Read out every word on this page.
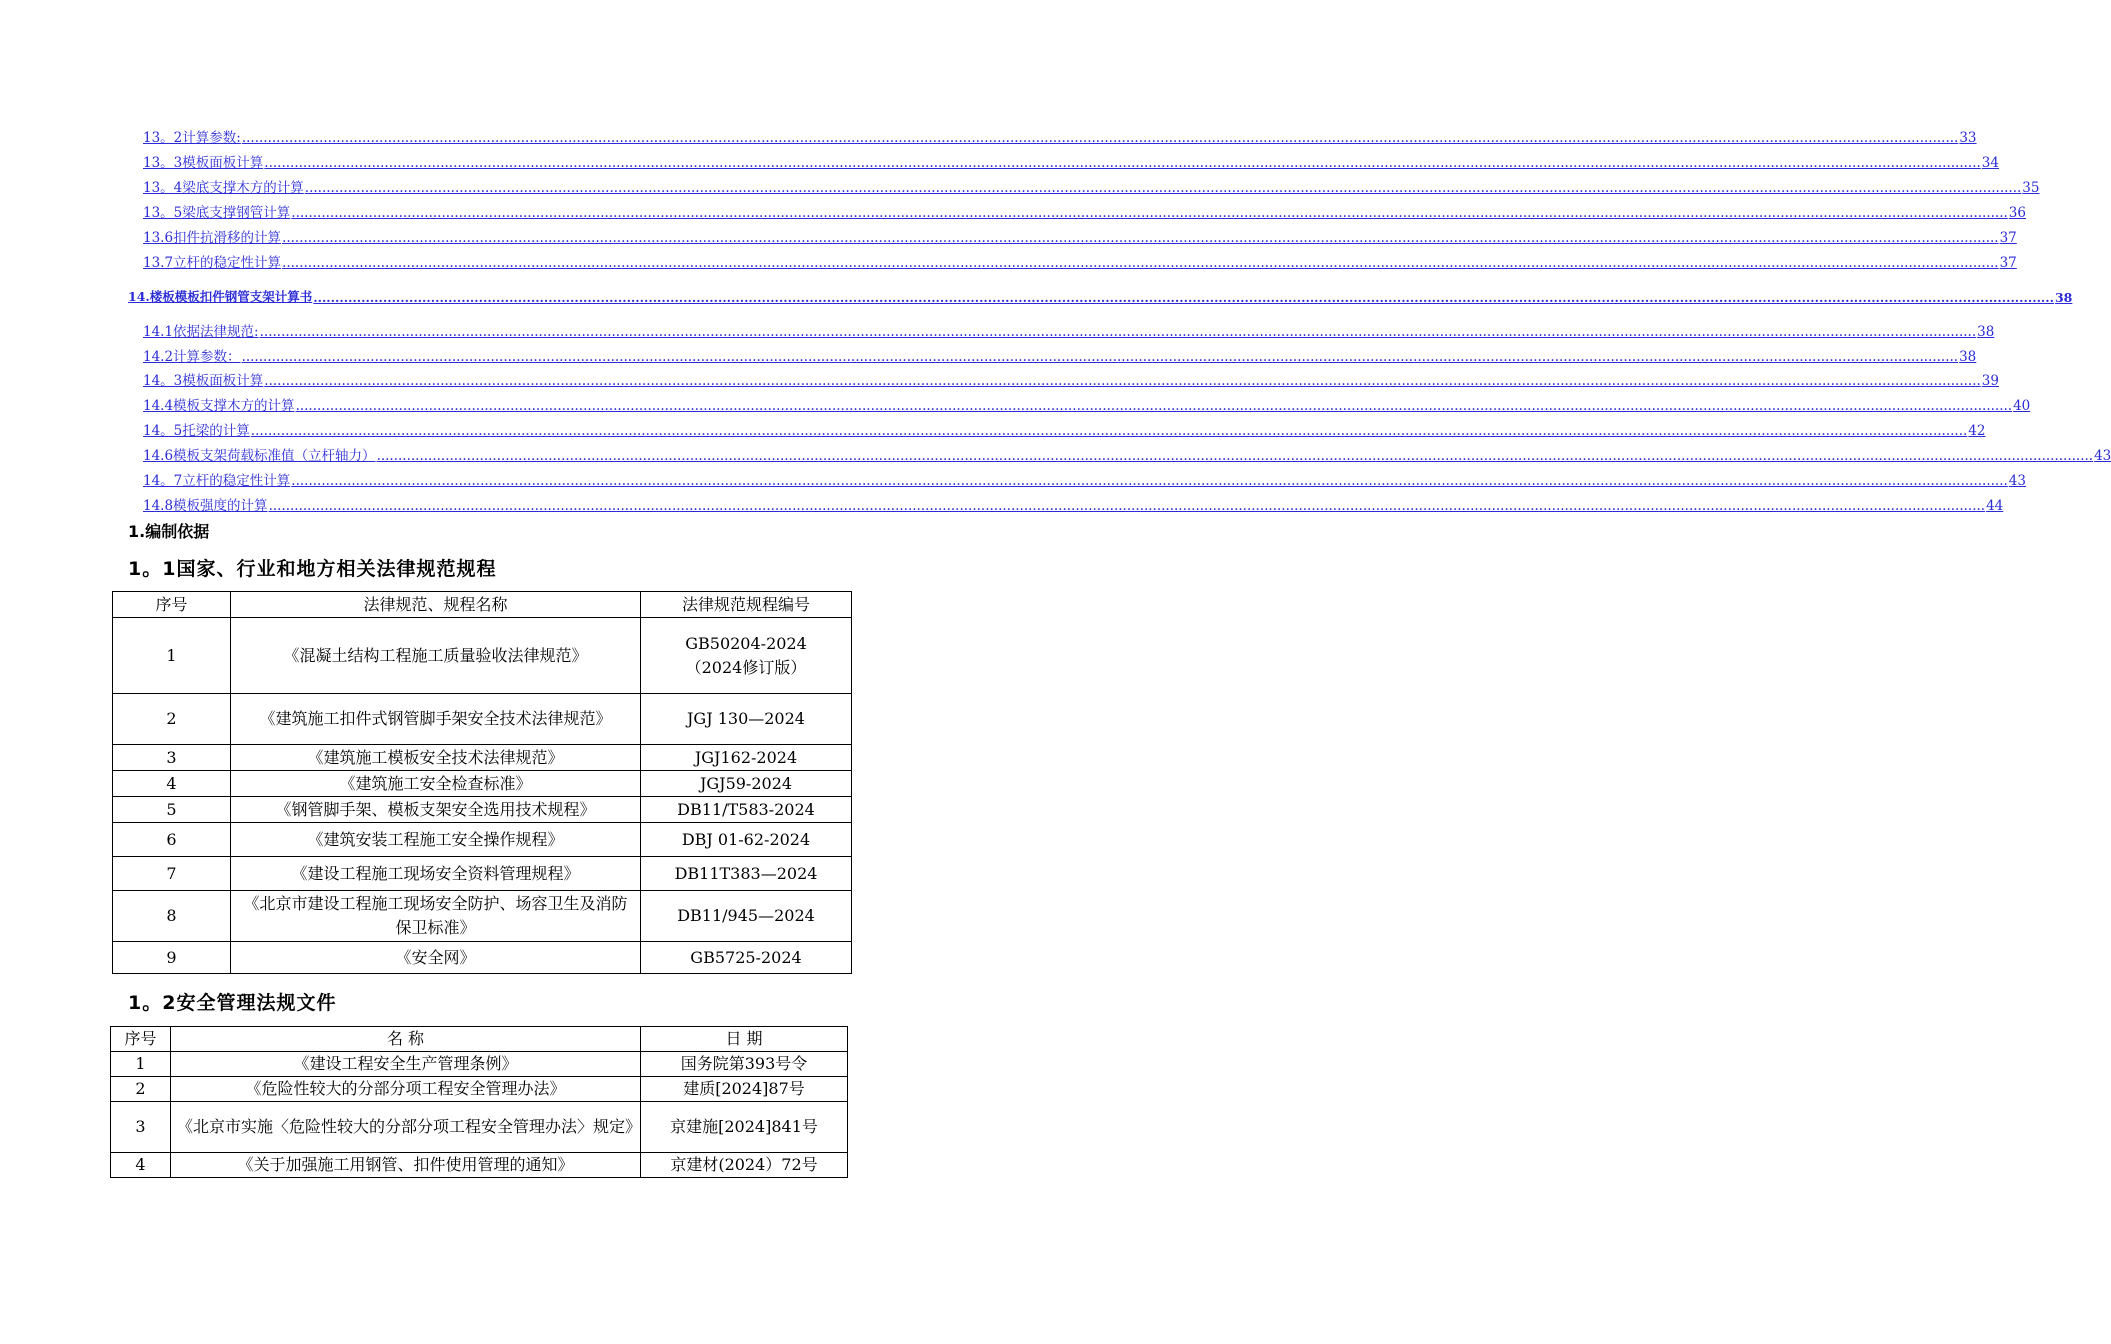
13。2计算参数: ................................................................................................................................................................................................................................................................................................................................................................................................................ 33
13。3模板面板计算 ................................................................................................................................................................................................................................................................................................................................................................................................................ 34
13。4梁底支撑木方的计算 ................................................................................................................................................................................................................................................................................................................................................................................................................ 35
13。5梁底支撑钢管计算 ................................................................................................................................................................................................................................................................................................................................................................................................................ 36
13.6扣件抗滑移的计算 ................................................................................................................................................................................................................................................................................................................................................................................................................ 37
13.7立杆的稳定性计算 ................................................................................................................................................................................................................................................................................................................................................................................................................ 37
14.楼板模板扣件钢管支架计算书 ................................................................................................................................................................................................................................................................................................................................................................................................................ 38
14.1依据法律规范: ................................................................................................................................................................................................................................................................................................................................................................................................................ 38
14.2计算参数： ................................................................................................................................................................................................................................................................................................................................................................................................................ 38
14。3模板面板计算 ................................................................................................................................................................................................................................................................................................................................................................................................................ 39
14.4模板支撑木方的计算 ................................................................................................................................................................................................................................................................................................................................................................................................................ 40
14。5托梁的计算 ................................................................................................................................................................................................................................................................................................................................................................................................................ 42
14.6模板支架荷载标准值（立杆轴力） ................................................................................................................................................................................................................................................................................................................................................................................................................ 43
14。7立杆的稳定性计算 ................................................................................................................................................................................................................................................................................................................................................................................................................ 43
14.8模板强度的计算 ................................................................................................................................................................................................................................................................................................................................................................................................................ 44
1.编制依据
1。1国家、行业和地方相关法律规范规程
序号	法律规范、规程名称	法律规范规程编号
1	《混凝土结构工程施工质量验收法律规范》	GB50204-2024
（2024修订版）
2	《建筑施工扣件式钢管脚手架安全技术法律规范》	JGJ 130—2024
3	《建筑施工模板安全技术法律规范》	JGJ162-2024
4	《建筑施工安全检查标准》	JGJ59-2024
5	《钢管脚手架、模板支架安全选用技术规程》	DB11/T583-2024
6	《建筑安装工程施工安全操作规程》	DBJ 01-62-2024
7	《建设工程施工现场安全资料管理规程》	DB11T383—2024
8	《北京市建设工程施工现场安全防护、场容卫生及消防保卫标准》	DB11/945—2024
9	《安全网》	GB5725-2024
1。2安全管理法规文件
序号	名 称	日 期
1	《建设工程安全生产管理条例》	国务院第393号令
2	《危险性较大的分部分项工程安全管理办法》	建质[2024]87号
3	《北京市实施〈危险性较大的分部分项工程安全管理办法〉规定》	京建施[2024]841号
4	《关于加强施工用钢管、扣件使用管理的通知》	京建材(2024）72号
